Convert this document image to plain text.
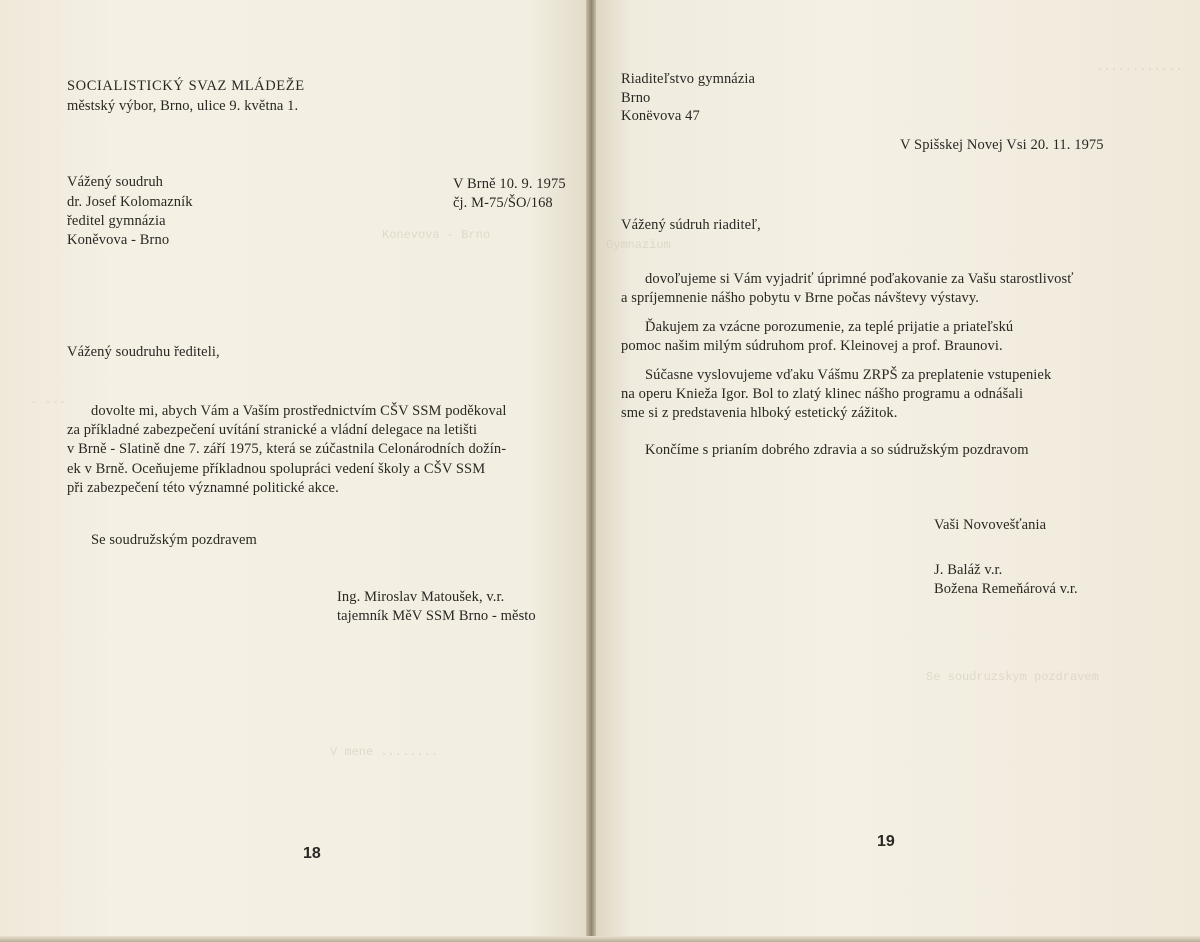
Konevova - Brno
- ---
V mene ........
SOCIALISTICKÝ SVAZ MLÁDEŽE
městský výbor, Brno, ulice 9. května 1.
Vážený soudruh
dr. Josef Kolomazník
ředitel gymnázia
Koněvova - Brno
V Brně 10. 9. 1975
čj. M-75/ŠO/168
Vážený soudruhu řediteli,
dovolte mi, abych Vám a Vaším prostřednictvím CŠV SSM poděkoval
za příkladné zabezpečení uvítání stranické a vládní delegace na letišti
v Brně - Slatině dne 7. září 1975, která se zúčastnila Celonárodních dožín-
ek v Brně. Oceňujeme příkladnou spolupráci vedení školy a CŠV SSM
při zabezpečení této významné politické akce.
Se soudružským pozdravem
Ing. Miroslav Matoušek, v.r.
tajemník MěV SSM Brno - město
18
............
Gymnazium
Se soudruzskym pozdravem
Riaditeľstvo gymnázia
Brno
Konëvova 47
V Spišskej Novej Vsi 20. 11. 1975
Vážený súdruh riaditeľ,
dovoľujeme si Vám vyjadriť úprimné poďakovanie za Vašu starostlivosť
a spríjemnenie nášho pobytu v Brne počas návštevy výstavy.
Ďakujem za vzácne porozumenie, za teplé prijatie a priateľskú
pomoc našim milým súdruhom prof. Kleinovej a prof. Braunovi.
Súčasne vyslovujeme vďaku Vášmu ZRPŠ za preplatenie vstupeniek
na operu Knieža Igor. Bol to zlatý klinec nášho programu a odnášali
sme si z predstavenia hlboký estetický zážitok.
Končíme s prianím dobrého zdravia a so súdružským pozdravom
Vaši Novovešťania
J. Baláž v.r.
Božena Remeňárová v.r.
19
